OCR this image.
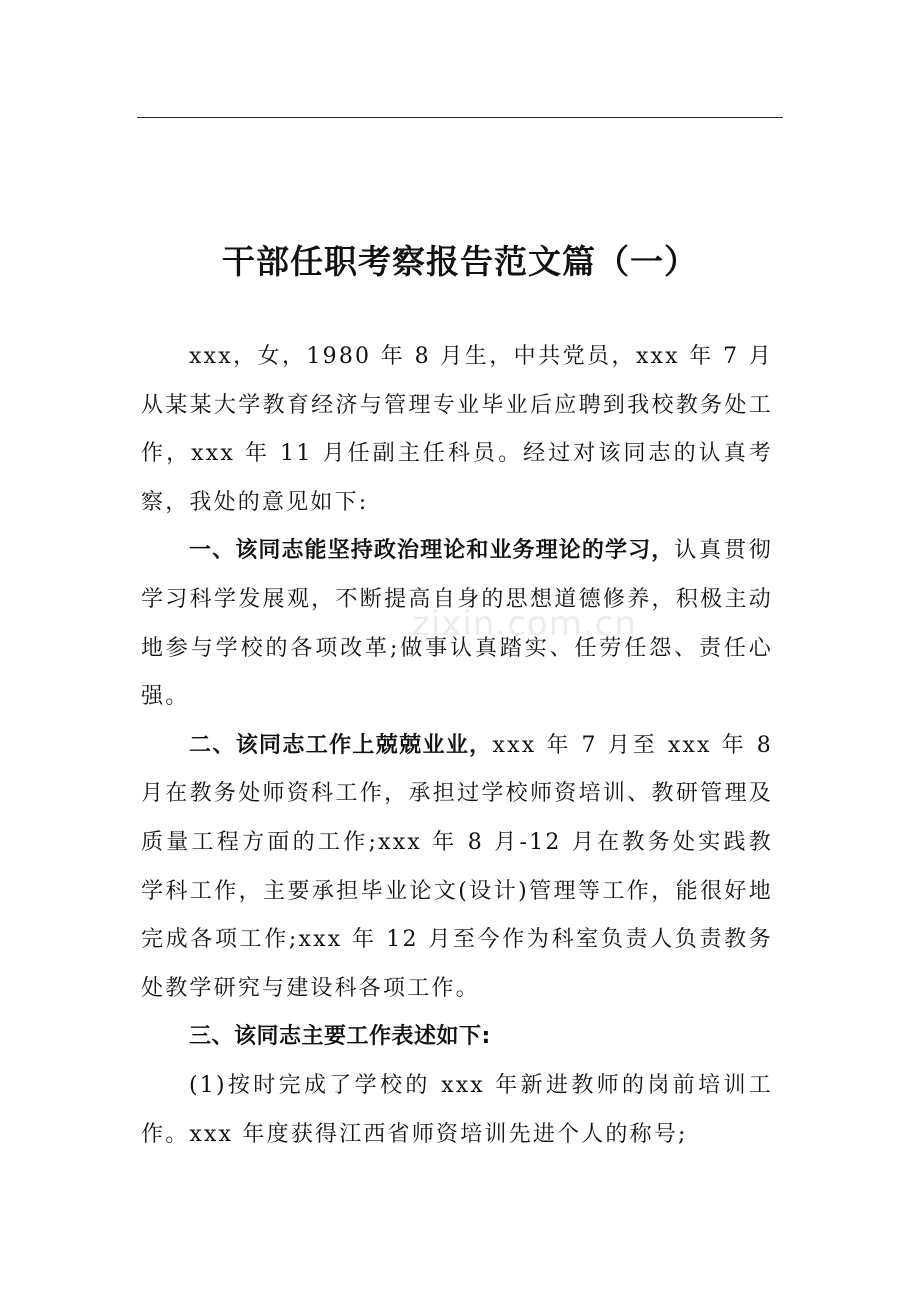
干部任职考察报告范文篇（一）

xxx，女，1980 年 8 月生，中共党员，xxx 年 7 月从某某大学教育经济与管理专业毕业后应聘到我校教务处工作，xxx 年 11 月任副主任科员。经过对该同志的认真考察，我处的意见如下:

一、该同志能坚持政治理论和业务理论的学习，认真贯彻学习科学发展观，不断提高自身的思想道德修养，积极主动地参与学校的各项改革;做事认真踏实、任劳任怨、责任心强。

二、该同志工作上兢兢业业，xxx 年 7 月至 xxx 年 8 月在教务处师资科工作，承担过学校师资培训、教研管理及质量工程方面的工作;xxx 年 8 月-12 月在教务处实践教学科工作，主要承担毕业论文(设计)管理等工作，能很好地完成各项工作;xxx 年 12 月至今作为科室负责人负责教务处教学研究与建设科各项工作。

三、该同志主要工作表述如下:

(1)按时完成了学校的 xxx 年新进教师的岗前培训工作。xxx 年度获得江西省师资培训先进个人的称号;

zixin.com.cn
